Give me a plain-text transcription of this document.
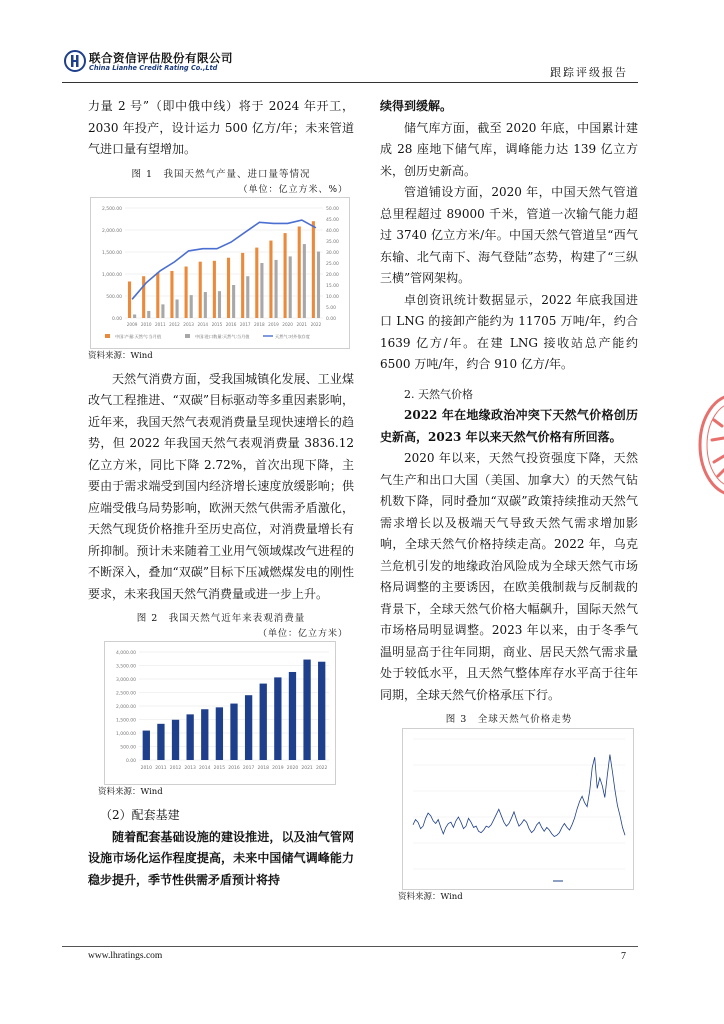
联合资信评估股份有限公司
China Lianhe Credit Rating Co.,Ltd	跟踪评级报告

力量 2 号”（即中俄中线）将于 2024 年开工，2030 年投产，设计运力 500 亿方/年；未来管道气进口量有望增加。

图 1　我国天然气产量、进口量等情况
（单位：亿立方米、%）
0.00
500.00
1,000.00
1,500.00
2,000.00
2,500.00
0.00
5.00
10.00
15.00
20.00
25.00
30.00
35.00
40.00
45.00
50.00
2009 2010 2011 2012 2013 2014 2015 2016 2017 2018 2019 2020 2021 2022
中国:产量:天然气:当月值	中国:进口数量:天然气:当月值	天然气:对外依存度
资料来源：Wind

天然气消费方面，受我国城镇化发展、工业煤改气工程推进、“双碳”目标驱动等多重因素影响，近年来，我国天然气表观消费量呈现快速增长的趋势，但 2022 年我国天然气表观消费量 3836.12 亿立方米，同比下降 2.72%，首次出现下降，主要由于需求端受到国内经济增长速度放缓影响；供应端受俄乌局势影响，欧洲天然气供需矛盾激化，天然气现货价格推升至历史高位，对消费量增长有所抑制。预计未来随着工业用气领域煤改气进程的不断深入，叠加“双碳”目标下压减燃煤发电的刚性要求，未来我国天然气消费量或进一步上升。

图 2　我国天然气近年来表观消费量
（单位：亿立方米）
0.00
500.00
1,000.00
1,500.00
2,000.00
2,500.00
3,000.00
3,500.00
4,000.00
2010 2011 2012 2013 2014 2015 2016 2017 2018 2019 2020 2021 2022
资料来源：Wind
（2）配套基建

随着配套基础设施的建设推进，以及油气管网设施市场化运作程度提高，未来中国储气调峰能力稳步提升，季节性供需矛盾预计将持

续得到缓解。

储气库方面，截至 2020 年底，中国累计建成 28 座地下储气库，调峰能力达 139 亿立方米，创历史新高。

管道铺设方面，2020 年，中国天然气管道总里程超过 89000 千米，管道一次输气能力超过 3740 亿立方米/年。中国天然气管道呈“西气东输、北气南下、海气登陆”态势，构建了“三纵三横”管网架构。

卓创资讯统计数据显示，2022 年底我国进口 LNG 的接卸产能约为 11705 万吨/年，约合 1639 亿方/年。在建 LNG 接收站总产能约 6500 万吨/年，约合 910 亿方/年。

2. 天然气价格

2022 年在地缘政治冲突下天然气价格创历史新高，2023 年以来天然气价格有所回落。

2020 年以来，天然气投资强度下降，天然气生产和出口大国（美国、加拿大）的天然气钻机数下降，同时叠加“双碳”政策持续推动天然气需求增长以及极端天气导致天然气需求增加影响，全球天然气价格持续走高。2022 年，乌克兰危机引发的地缘政治风险成为全球天然气市场格局调整的主要诱因，在欧美俄制裁与反制裁的背景下，全球天然气价格大幅飙升，国际天然气市场格局明显调整。2023 年以来，由于冬季气温明显高于往年同期，商业、居民天然气需求量处于较低水平，且天然气整体库存水平高于往年同期，全球天然气价格承压下行。

图 3　全球天然气价格走势
资料来源：Wind
www.lhratings.com	7
